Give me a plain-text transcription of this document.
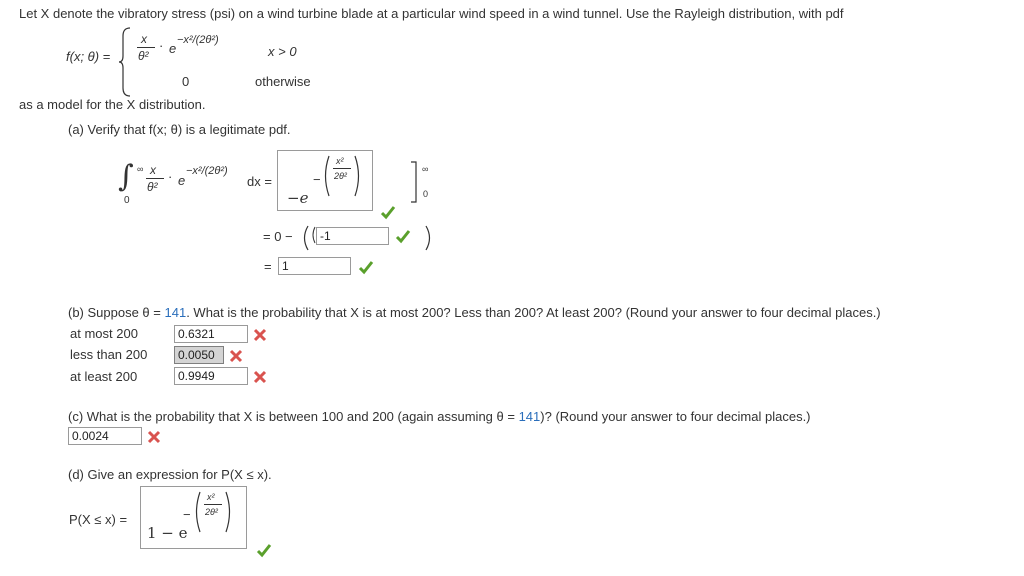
Let X denote the vibratory stress (psi) on a wind turbine blade at a particular wind speed in a wind tunnel. Use the Rayleigh distribution, with pdf
f(x; θ) =
x
θ²
· e
−x²/(2θ²)
x > 0
0	otherwise
as a model for the X distribution.
(a) Verify that f(x; θ) is a legitimate pdf.
∫ ∞
0
x
θ²
· e
−x²/(2θ²)
dx =	−
x²
2θ²
−e
∞
0
= 0 −	-1
= 1
(b) Suppose θ = 141. What is the probability that X is at most 200? Less than 200? At least 200? (Round your answer to four decimal places.)
at most 200	0.6321
less than 200	0.0050
at least 200	0.9949
(c) What is the probability that X is between 100 and 200 (again assuming θ = 141)? (Round your answer to four decimal places.)
0.0024
(d) Give an expression for P(X ≤ x).
P(X ≤ x) =	−
x²
2θ²
1 − e
